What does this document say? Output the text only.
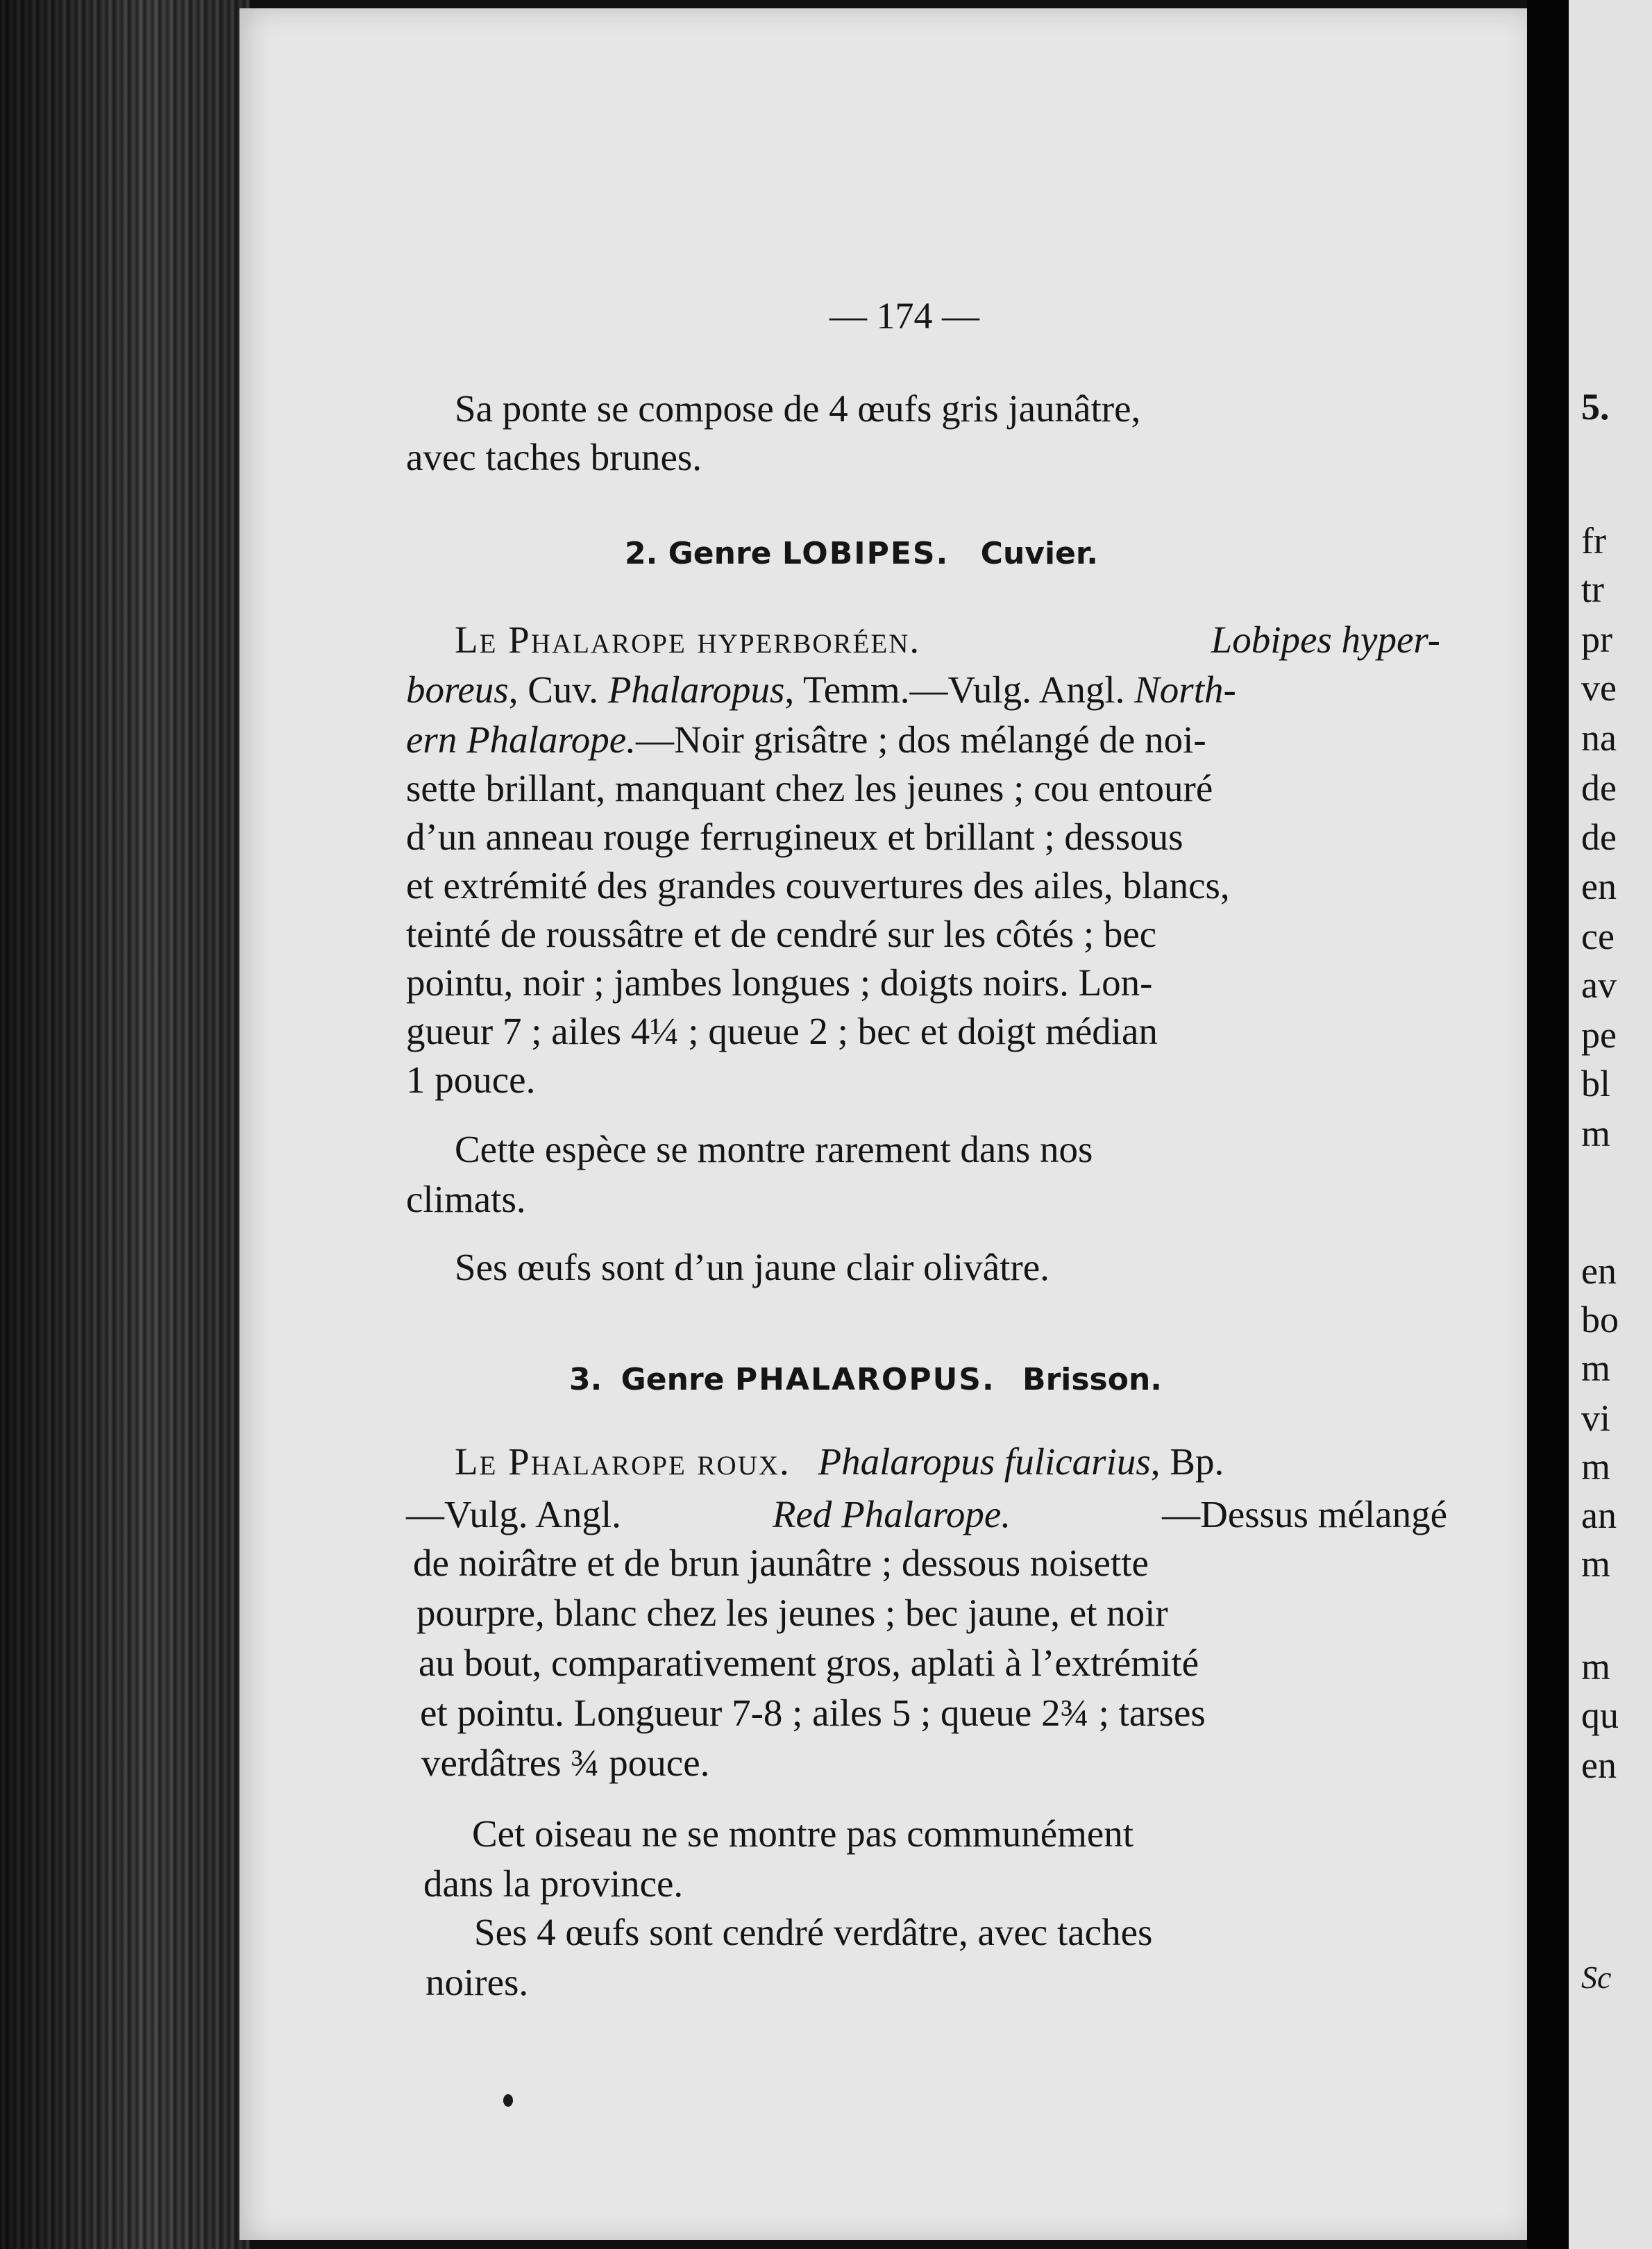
— 174 —
Sa ponte se compose de 4 œufs gris jaunâtre,
avec taches brunes.
2. Genre LOBIPES. Cuvier.
Le Phalarope hyperboréen.	Lobipes hyper-
boreus, Cuv. Phalaropus, Temm.—Vulg. Angl. North-
ern Phalarope.—Noir grisâtre ; dos mélangé de noi-
sette brillant, manquant chez les jeunes ; cou entouré
d’un anneau rouge ferrugineux et brillant ; dessous
et extrémité des grandes couvertures des ailes, blancs,
teinté de roussâtre et de cendré sur les côtés ; bec
pointu, noir ; jambes longues ; doigts noirs. Lon-
gueur 7 ; ailes 4¼ ; queue 2 ; bec et doigt médian
1 pouce.
Cette espèce se montre rarement dans nos
climats.
Ses œufs sont d’un jaune clair olivâtre.
3. Genre PHALAROPUS. Brisson.
Le Phalarope roux. Phalaropus fulicarius, Bp.
—Vulg. Angl.	Red Phalarope.	—Dessus mélangé
de noirâtre et de brun jaunâtre ; dessous noisette
pourpre, blanc chez les jeunes ; bec jaune, et noir
au bout, comparativement gros, aplati à l’extrémité
et pointu. Longueur 7-8 ; ailes 5 ; queue 2¾ ; tarses
verdâtres ¾ pouce.
Cet oiseau ne se montre pas communément
dans la province.
Ses 4 œufs sont cendré verdâtre, avec taches
noires.
5.
fr
tr
pr
ve
na
de
de
en
ce
av
pe
bl
m
en
bo
m
vi
m
an
m
m
qu
en
Sc
